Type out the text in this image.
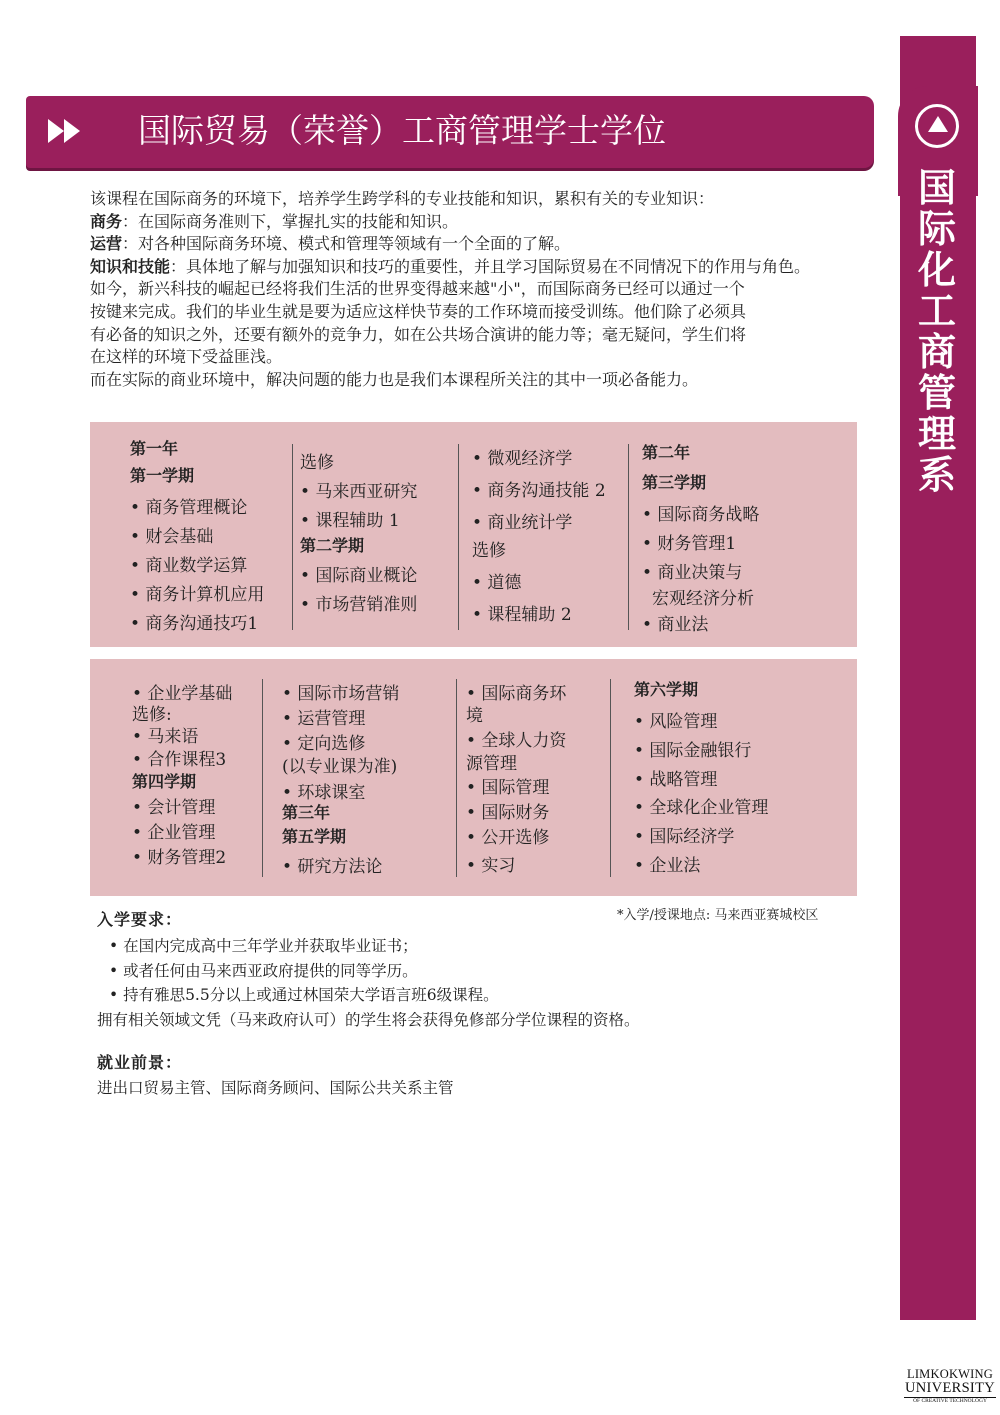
国际化工商管理系
国际贸易（荣誉）工商管理学士学位

该课程在国际商务的环境下，培养学生跨学科的专业技能和知识，累积有关的专业知识：

商务：在国际商务准则下，掌握扎实的技能和知识。

运营：对各种国际商务环境、模式和管理等领域有一个全面的了解。

知识和技能：具体地了解与加强知识和技巧的重要性，并且学习国际贸易在不同情况下的作用与角色。

如今，新兴科技的崛起已经将我们生活的世界变得越来越"小"，而国际商务已经可以通过一个

按键来完成。我们的毕业生就是要为适应这样快节奏的工作环境而接受训练。他们除了必须具

有必备的知识之外，还要有额外的竞争力，如在公共场合演讲的能力等；毫无疑问，学生们将

在这样的环境下受益匪浅。

而在实际的商业环境中，解决问题的能力也是我们本课程所关注的其中一项必备能力。

第一年
第一学期
• 商务管理概论
• 财会基础
• 商业数学运算
• 商务计算机应用
• 商务沟通技巧1
选修
• 马来西亚研究
• 课程辅助 1
第二学期
• 国际商业概论
• 市场营销准则
• 微观经济学
• 商务沟通技能 2
• 商业统计学
选修
• 道德
• 课程辅助 2
第二年
第三学期
• 国际商务战略
• 财务管理1
• 商业决策与
宏观经济分析
• 商业法
• 企业学基础
选修:
• 马来语
• 合作课程3
第四学期
• 会计管理
• 企业管理
• 财务管理2
• 国际市场营销
• 运营管理
• 定向选修
(以专业课为准)
• 环球课室
第三年
第五学期
• 研究方法论
• 国际商务环
境
• 全球人力资
源管理
• 国际管理
• 国际财务
• 公开选修
• 实习
第六学期
• 风险管理
• 国际金融银行
• 战略管理
• 全球化企业管理
• 国际经济学
• 企业法
*入学/授课地点: 马来西亚赛城校区
入学要求：
• 在国内完成高中三年学业并获取毕业证书；
• 或者任何由马来西亚政府提供的同等学历。
• 持有雅思5.5分以上或通过林国荣大学语言班6级课程。
拥有相关领域文凭（马来政府认可）的学生将会获得免修部分学位课程的资格。
就业前景：
进出口贸易主管、国际商务顾问、国际公共关系主管
LIMKOKWING
UNIVERSITY
OF CREATIVE TECHNOLOGY
